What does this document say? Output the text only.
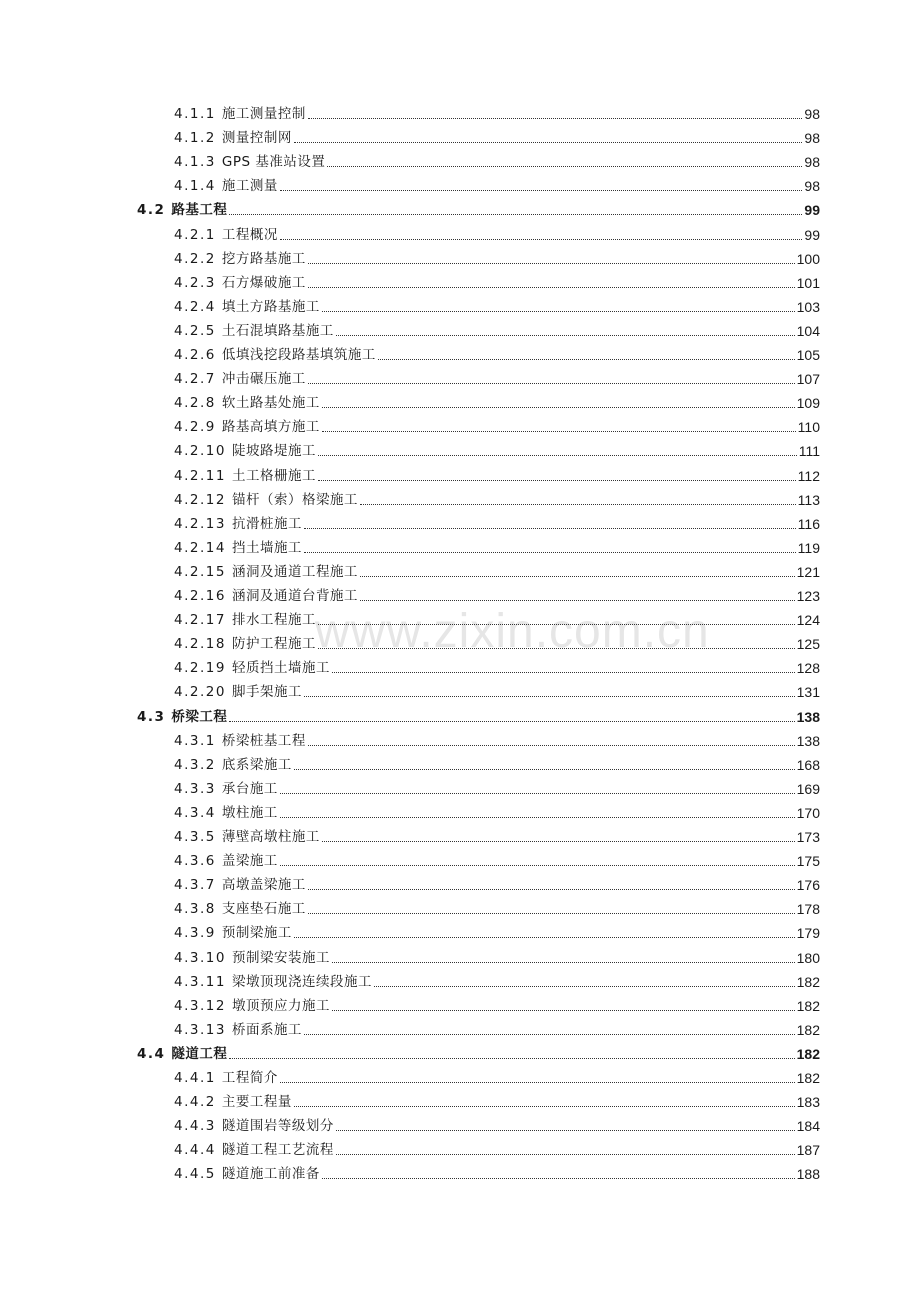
www.zixin.com.cn
4.1.1 施工测量控制	98
4.1.2 测量控制网	98
4.1.3 GPS 基准站设置	98
4.1.4 施工测量	98
4.2 路基工程	99
4.2.1 工程概况	99
4.2.2 挖方路基施工	100
4.2.3 石方爆破施工	101
4.2.4 填土方路基施工	103
4.2.5 土石混填路基施工	104
4.2.6 低填浅挖段路基填筑施工	105
4.2.7 冲击碾压施工	107
4.2.8 软土路基处施工	109
4.2.9 路基高填方施工	110
4.2.10 陡坡路堤施工	111
4.2.11 土工格栅施工	112
4.2.12 锚杆（索）格梁施工	113
4.2.13 抗滑桩施工	116
4.2.14 挡土墙施工	119
4.2.15 涵洞及通道工程施工	121
4.2.16 涵洞及通道台背施工	123
4.2.17 排水工程施工	124
4.2.18 防护工程施工	125
4.2.19 轻质挡土墙施工	128
4.2.20 脚手架施工	131
4.3 桥梁工程	138
4.3.1 桥梁桩基工程	138
4.3.2 底系梁施工	168
4.3.3 承台施工	169
4.3.4 墩柱施工	170
4.3.5 薄壁高墩柱施工	173
4.3.6 盖梁施工	175
4.3.7 高墩盖梁施工	176
4.3.8 支座垫石施工	178
4.3.9 预制梁施工	179
4.3.10 预制梁安装施工	180
4.3.11 梁墩顶现浇连续段施工	182
4.3.12 墩顶预应力施工	182
4.3.13 桥面系施工	182
4.4 隧道工程	182
4.4.1 工程简介	182
4.4.2 主要工程量	183
4.4.3 隧道围岩等级划分	184
4.4.4 隧道工程工艺流程	187
4.4.5 隧道施工前准备	188
